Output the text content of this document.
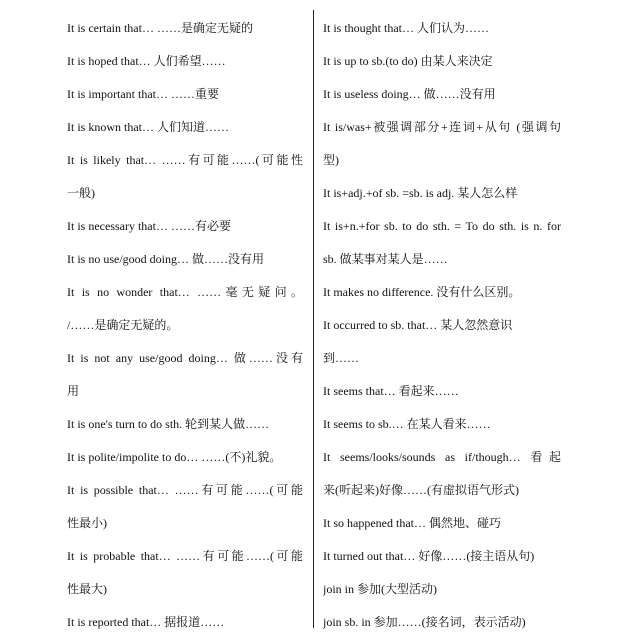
It is certain that… ……是确定无疑的
It is hoped that… 人们希望……
It is important that… ……重要
It is known that… 人们知道……
It is likely that… ……有可能……(可能性
一般)
It is necessary that… ……有必要
It is no use/good doing… 做……没有用
It is no wonder that… ……毫无疑问。
/……是确定无疑的。
It is not any use/good doing… 做……没有
用
It is one's turn to do sth. 轮到某人做……
It is polite/impolite to do… ……(不)礼貌。
It is possible that… ……有可能……(可能
性最小)
It is probable that… ……有可能……(可能
性最大)
It is reported that… 据报道……
It is thought that… 人们认为……
It is up to sb.(to do) 由某人来决定
It is useless doing… 做……没有用
It is/was+被强调部分+连词+从句 (强调句
型)
It is+adj.+of sb. =sb. is adj. 某人怎么样
It is+n.+for sb. to do sth. = To do sth. is n. for
sb. 做某事对某人是……
It makes no difference. 没有什么区别。
It occurred to sb. that… 某人忽然意识
到……
It seems that… 看起来……
It seems to sb.… 在某人看来……
It seems/looks/sounds as if/though… 看起
来(听起来)好像……(有虚拟语气形式)
It so happened that… 偶然地、碰巧
It turned out that… 好像……(接主语从句)
join in 参加(大型活动)
join sb. in 参加……(接名词，表示活动)
